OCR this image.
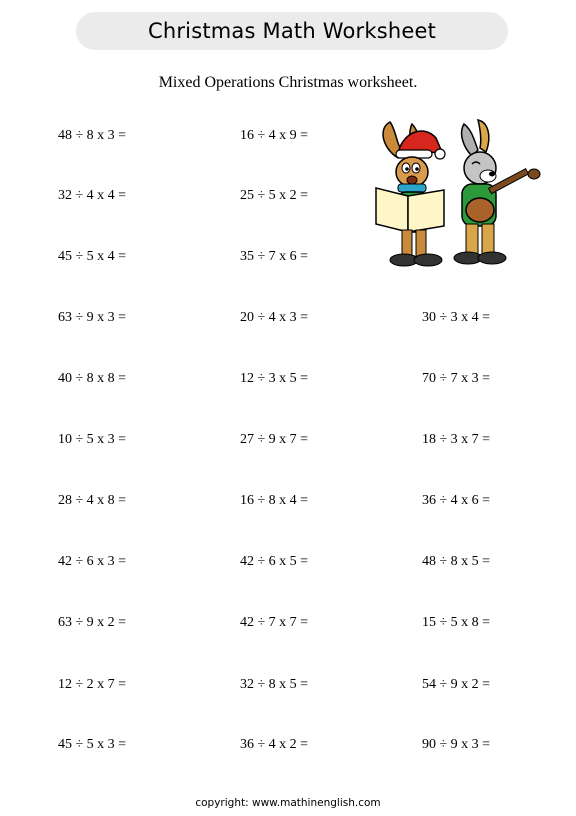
Christmas Math Worksheet
Mixed Operations Christmas worksheet.
48 ÷ 8 x 3 =
32 ÷ 4 x 4 =
45 ÷ 5 x 4 =
63 ÷ 9 x 3 =
40 ÷ 8 x 8 =
10 ÷ 5 x 3 =
28 ÷ 4 x 8 =
42 ÷ 6 x 3 =
63 ÷ 9 x 2 =
12 ÷ 2 x 7 =
45 ÷ 5 x 3 =
16 ÷ 4 x 9 =
25 ÷ 5 x 2 =
35 ÷ 7 x 6 =
20 ÷ 4 x 3 =
12 ÷ 3 x 5 =
27 ÷ 9 x 7 =
16 ÷ 8 x 4 =
42 ÷ 6 x 5 =
42 ÷ 7 x 7 =
32 ÷ 8 x 5 =
36 ÷ 4 x 2 =
30 ÷ 3 x 4 =
70 ÷ 7 x 3 =
18 ÷ 3 x 7 =
36 ÷ 4 x 6 =
48 ÷ 8 x 5 =
15 ÷ 5 x 8 =
54 ÷ 9 x 2 =
90 ÷ 9 x 3 =
copyright: www.mathinenglish.com
